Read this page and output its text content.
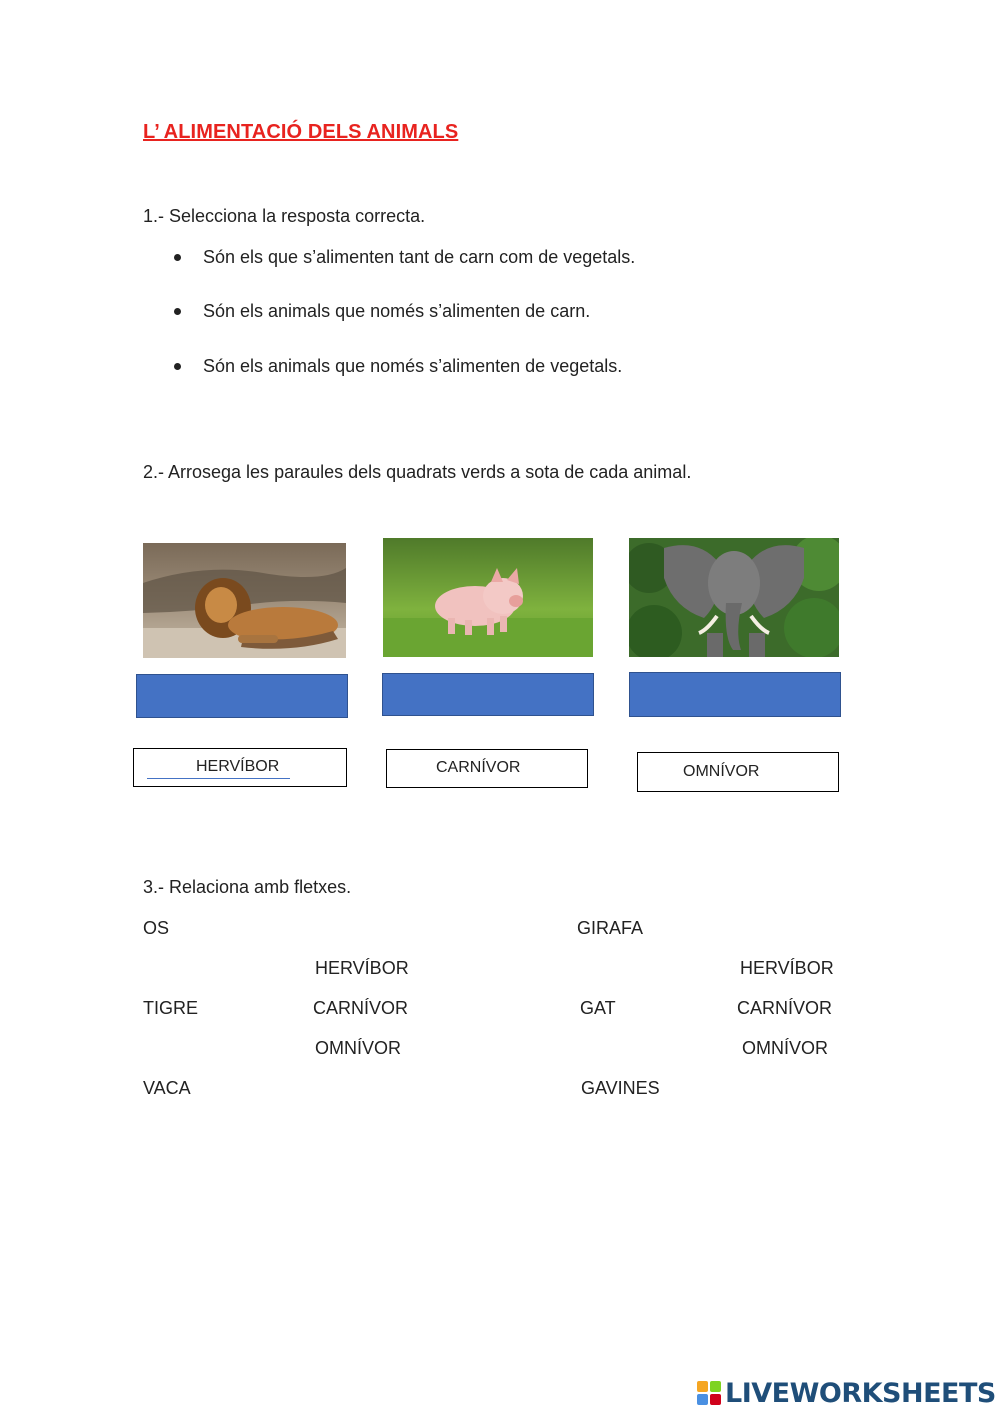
L’ ALIMENTACIÓ DELS ANIMALS
1.- Selecciona la resposta correcta.
Són els que s’alimenten tant de carn com de vegetals.
Són els animals que només s’alimenten de carn.
Són els animals que només s’alimenten de vegetals.
2.- Arrosega les paraules dels quadrats verds a sota de cada animal.
HERVÍBOR	CARNÍVOR	OMNÍVOR
3.- Relaciona amb fletxes.
OS
HERVÍBOR
TIGRE	CARNÍVOR
OMNÍVOR
VACA
GIRAFA
HERVÍBOR
GAT	CARNÍVOR
OMNÍVOR
GAVINES
LIVEWORKSHEETS
